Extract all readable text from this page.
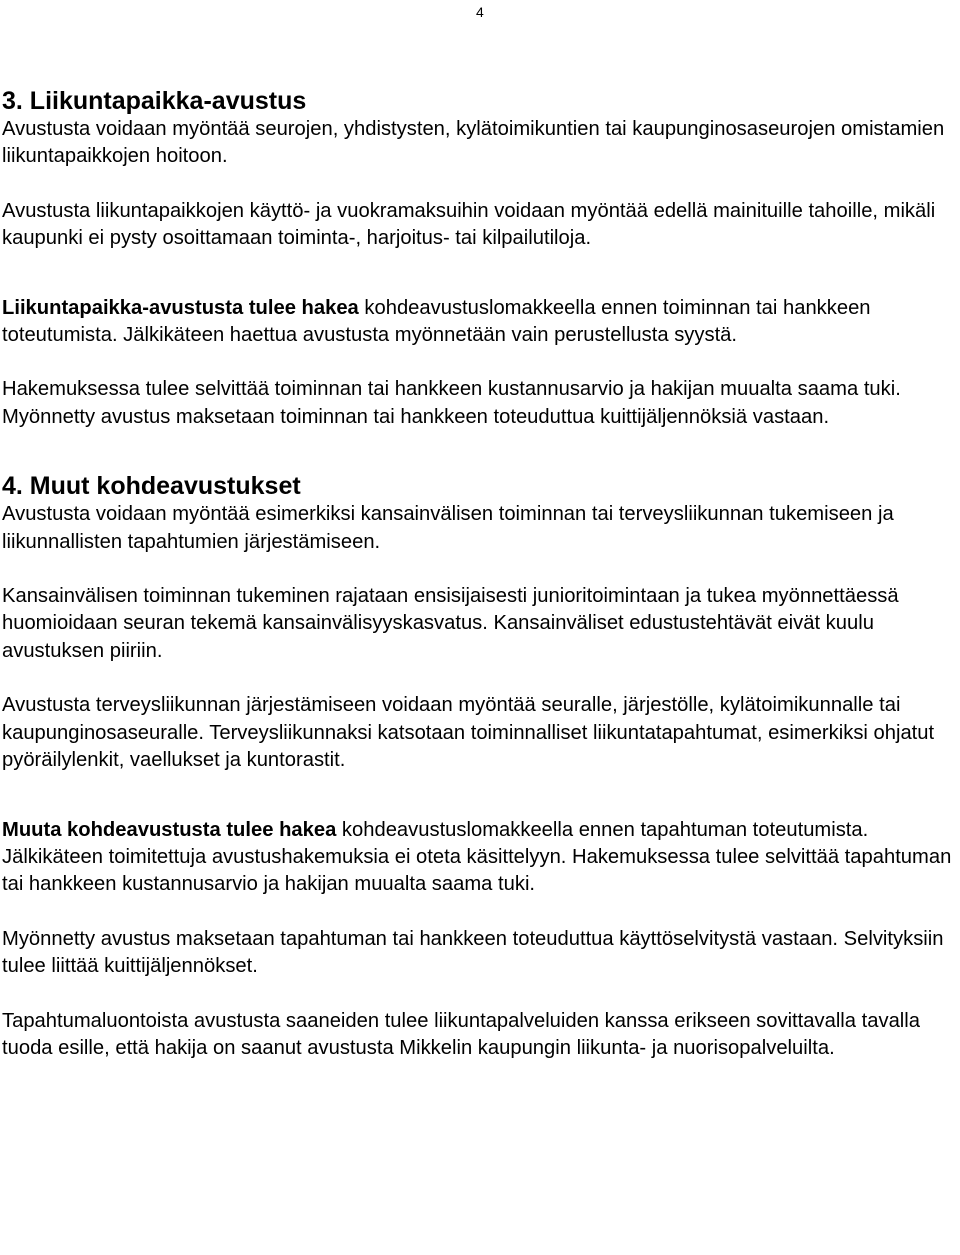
4
3. Liikuntapaikka-avustus

Avustusta voidaan myöntää seurojen, yhdistysten, kylätoimikuntien tai kaupunginosaseurojen omistamien liikuntapaikkojen hoitoon.

Avustusta liikuntapaikkojen käyttö- ja vuokramaksuihin voidaan myöntää edellä mainituille tahoille, mikäli kaupunki ei pysty osoittamaan toiminta-, harjoitus- tai kilpailutiloja.

Liikuntapaikka-avustusta tulee hakea kohdeavustuslomakkeella ennen toiminnan tai hankkeen toteutumista. Jälkikäteen haettua avustusta myönnetään vain perustellusta syystä.

Hakemuksessa tulee selvittää toiminnan tai hankkeen kustannusarvio ja hakijan muualta saama tuki. Myönnetty avustus maksetaan toiminnan tai hankkeen toteuduttua kuittijäljennöksiä vastaan.

4. Muut kohdeavustukset

Avustusta voidaan myöntää esimerkiksi kansainvälisen toiminnan tai terveysliikunnan tukemiseen ja liikunnallisten tapahtumien järjestämiseen.

Kansainvälisen toiminnan tukeminen rajataan ensisijaisesti junioritoimintaan ja tukea myönnettäessä huomioidaan seuran tekemä kansainvälisyyskasvatus. Kansainväliset edustustehtävät eivät kuulu avustuksen piiriin.

Avustusta terveysliikunnan järjestämiseen voidaan myöntää seuralle, järjestölle, kylätoimikunnalle tai kaupunginosaseuralle. Terveysliikunnaksi katsotaan toiminnalliset liikuntatapahtumat, esimerkiksi ohjatut pyöräilylenkit, vaellukset ja kuntorastit.

Muuta kohdeavustusta tulee hakea kohdeavustuslomakkeella ennen tapahtuman toteutumista. Jälkikäteen toimitettuja avustushakemuksia ei oteta käsittelyyn. Hakemuksessa tulee selvittää tapahtuman tai hankkeen kustannusarvio ja hakijan muualta saama tuki.

Myönnetty avustus maksetaan tapahtuman tai hankkeen toteuduttua käyttöselvitystä vastaan. Selvityksiin tulee liittää kuittijäljennökset.

Tapahtumaluontoista avustusta saaneiden tulee liikuntapalveluiden kanssa erikseen sovittavalla tavalla tuoda esille, että hakija on saanut avustusta Mikkelin kaupungin liikunta- ja nuorisopalveluilta.
